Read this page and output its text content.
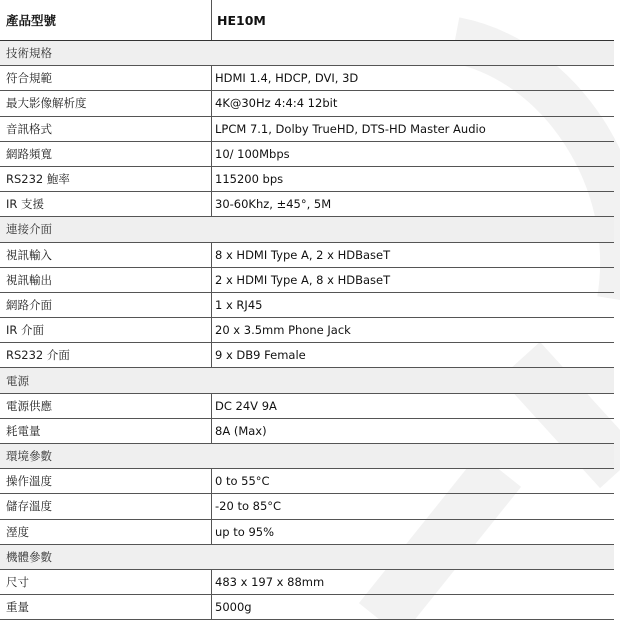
產品型號	HE10M
技術規格
符合規範	HDMI 1.4, HDCP, DVI, 3D
最大影像解析度	4K@30Hz 4:4:4 12bit
音訊格式	LPCM 7.1, Dolby TrueHD, DTS-HD Master Audio
網路頻寬	10/ 100Mbps
RS232 鮑率	115200 bps
IR 支援	30-60Khz, ±45°, 5M
連接介面
視訊輸入	8 x HDMI Type A, 2 x HDBaseT
視訊輸出	2 x HDMI Type A, 8 x HDBaseT
網路介面	1 x RJ45
IR 介面	20 x 3.5mm Phone Jack
RS232 介面	9 x DB9 Female
電源
電源供應	DC 24V 9A
耗電量	8A (Max)
環境參數
操作溫度	0 to 55°C
儲存溫度	-20 to 85°C
溼度	up to 95%
機體參數
尺寸	483 x 197 x 88mm
重量	5000g
